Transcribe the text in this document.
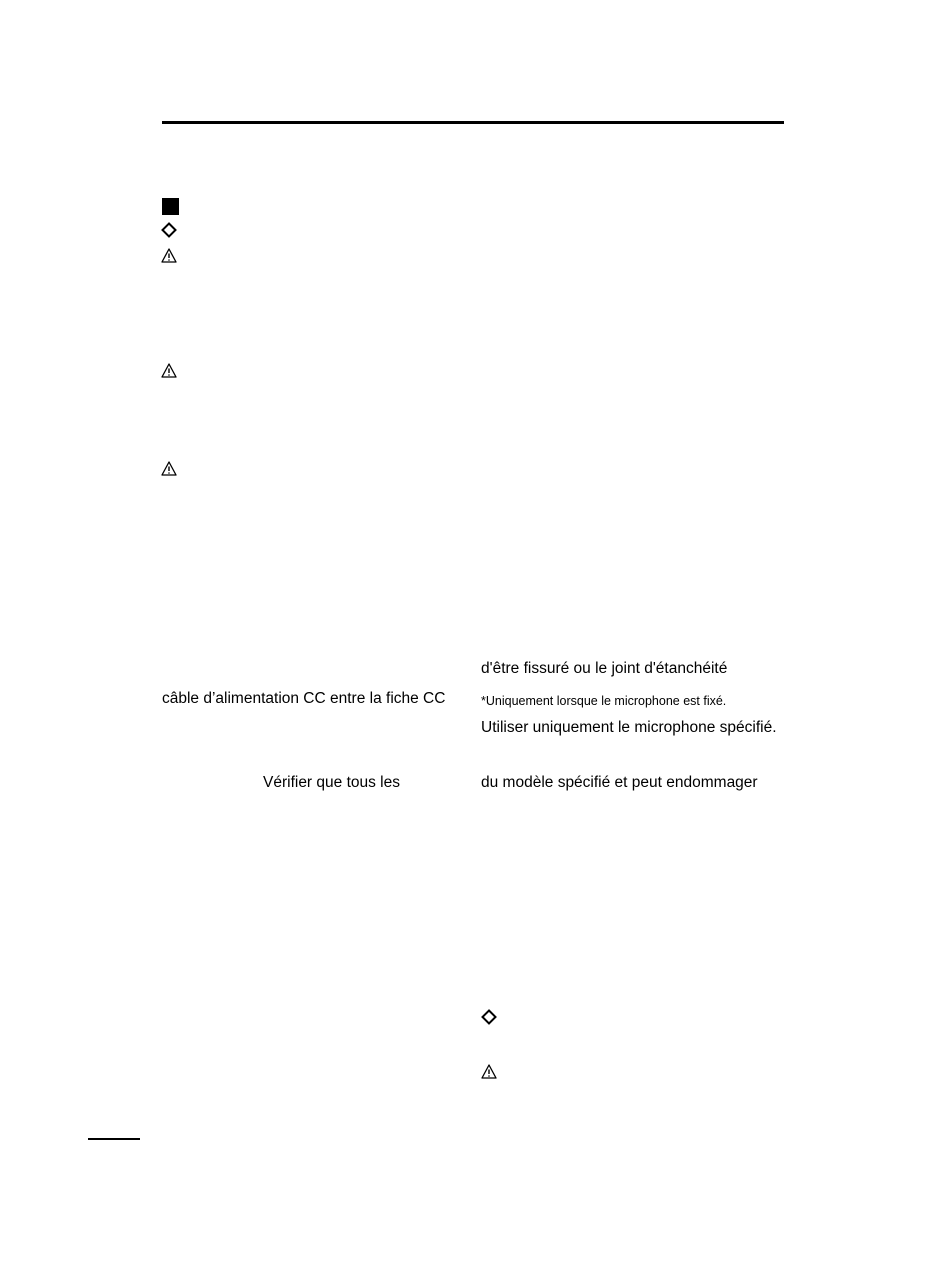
câble d’alimentation CC entre la fiche CC
Vérifier que tous les
d'être fissuré ou le joint d'étanchéité
*Uniquement lorsque le microphone est fixé.
Utiliser uniquement le microphone spécifié.
du modèle spécifié et peut endommager
